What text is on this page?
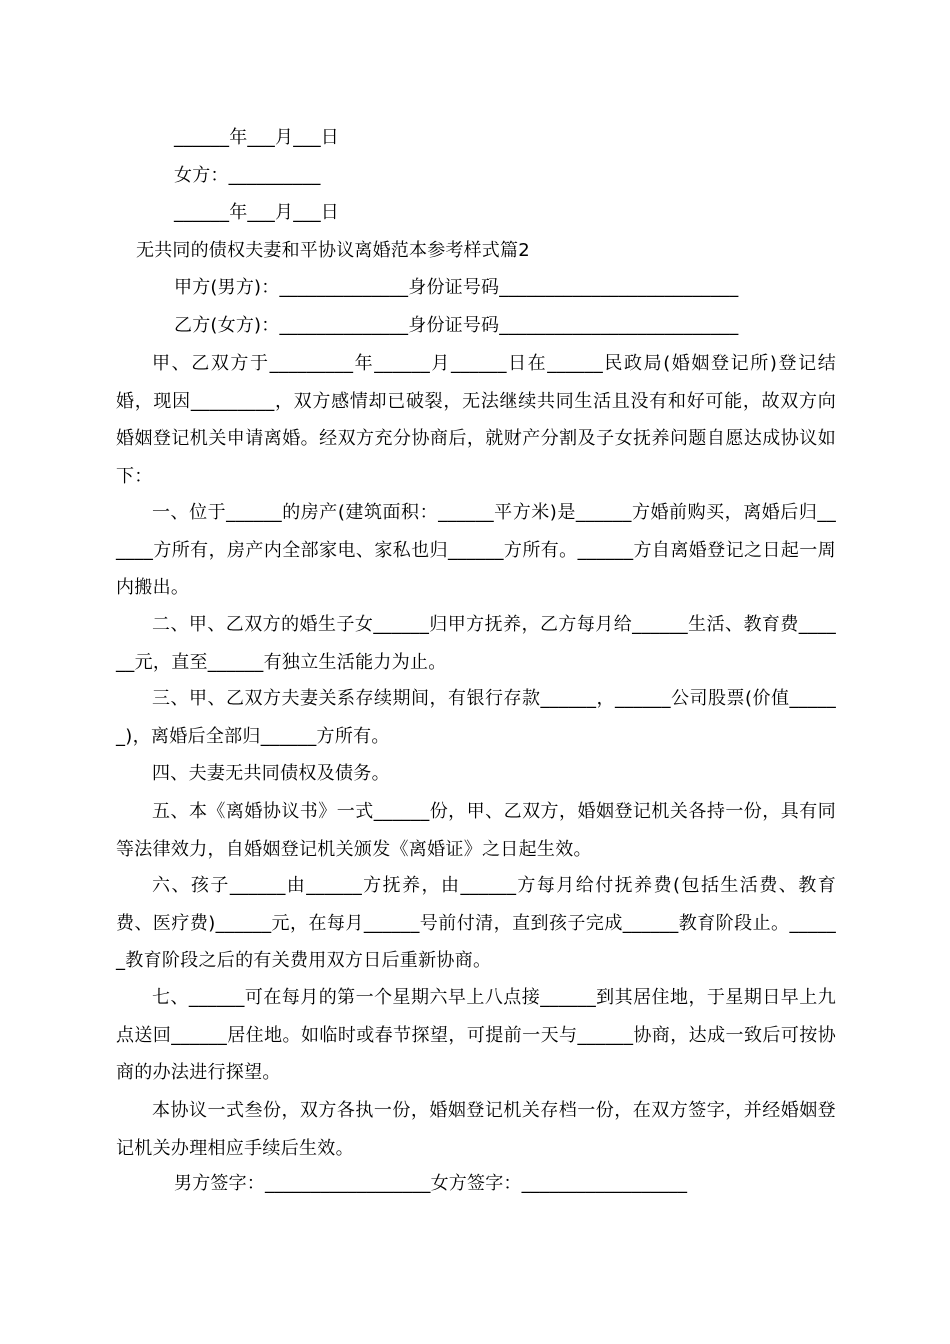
______年___月___日
女方：__________
______年___月___日
无共同的债权夫妻和平协议离婚范本参考样式篇2
甲方(男方)：______________身份证号码__________________________
乙方(女方)：______________身份证号码__________________________
甲、乙双方于_________年______月______日在______民政局(婚姻登记所)登记结婚，现因_________，双方感情却已破裂，无法继续共同生活且没有和好可能，故双方向婚姻登记机关申请离婚。经双方充分协商后，就财产分割及子女抚养问题自愿达成协议如下：
一、位于______的房产(建筑面积：______平方米)是______方婚前购买，离婚后归______方所有，房产内全部家电、家私也归______方所有。______方自离婚登记之日起一周内搬出。
二、甲、乙双方的婚生子女______归甲方抚养，乙方每月给______生活、教育费______元，直至______有独立生活能力为止。
三、甲、乙双方夫妻关系存续期间，有银行存款______，______公司股票(价值______)，离婚后全部归______方所有。
四、夫妻无共同债权及债务。
五、本《离婚协议书》一式______份，甲、乙双方，婚姻登记机关各持一份，具有同等法律效力，自婚姻登记机关颁发《离婚证》之日起生效。
六、孩子______由______方抚养，由______方每月给付抚养费(包括生活费、教育费、医疗费)______元，在每月______号前付清，直到孩子完成______教育阶段止。______教育阶段之后的有关费用双方日后重新协商。
七、______可在每月的第一个星期六早上八点接______到其居住地，于星期日早上九点送回______居住地。如临时或春节探望，可提前一天与______协商，达成一致后可按协商的办法进行探望。
本协议一式叁份，双方各执一份，婚姻登记机关存档一份，在双方签字，并经婚姻登记机关办理相应手续后生效。
男方签字：__________________女方签字：__________________
